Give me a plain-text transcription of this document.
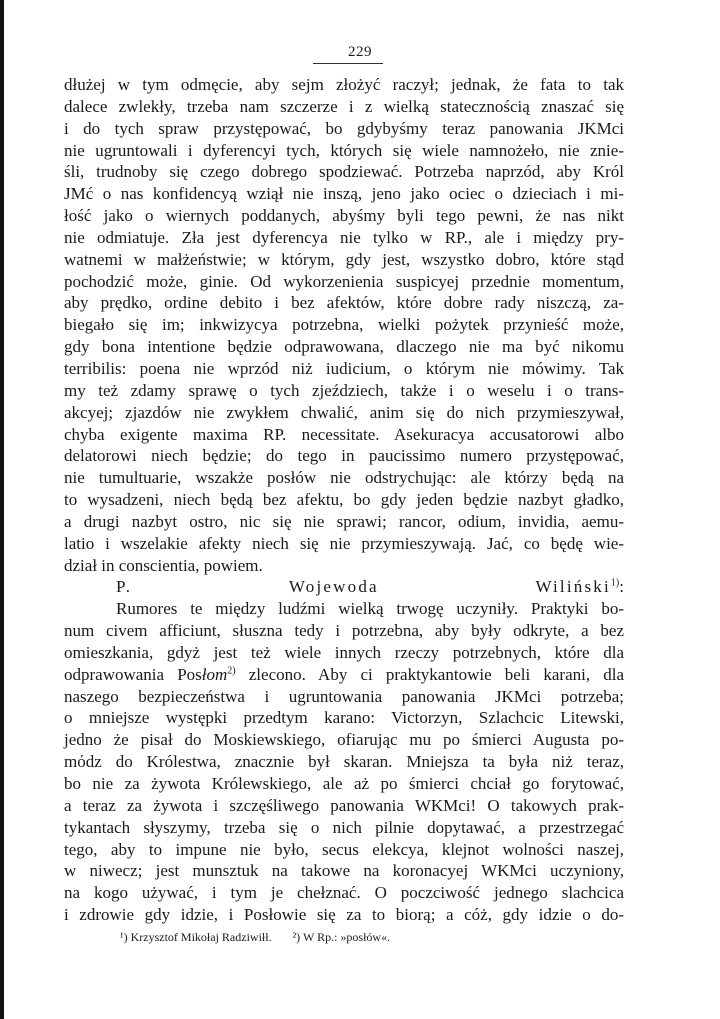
229
dłużej w tym odmęcie, aby sejm złożyć raczył; jednak, że fata to tak
dalece zwlekły, trzeba nam szczerze i z wielką statecznością znaszać się
i do tych spraw przystępować, bo gdybyśmy teraz panowania JKMci
nie ugruntowali i dyferencyi tych, których się wiele namnożeło, nie znie-
śli, trudnoby się czego dobrego spodziewać. Potrzeba naprzód, aby Król
JMć o nas konfidencyą wziął nie inszą, jeno jako ociec o dzieciach i mi-
łość jako o wiernych poddanych, abyśmy byli tego pewni, że nas nikt
nie odmiatuje. Zła jest dyferencya nie tylko w RP., ale i między pry-
watnemi w małżeństwie; w którym, gdy jest, wszystko dobro, które stąd
pochodzić może, ginie. Od wykorzenienia suspicyej przednie momentum,
aby prędko, ordine debito i bez afektów, które dobre rady niszczą, za-
biegało się im; inkwizycya potrzebna, wielki pożytek przynieść może,
gdy bona intentione będzie odprawowana, dlaczego nie ma być nikomu
terribilis: poena nie wprzód niż iudicium, o którym nie mówimy. Tak
my też zdamy sprawę o tych zjeździech, także i o weselu i o trans-
akcyej; zjazdów nie zwykłem chwalić, anim się do nich przymieszywał,
chyba exigente maxima RP. necessitate. Asekuracya accusatorowi albo
delatorowi niech będzie; do tego in paucissimo numero przystępować,
nie tumultuarie, wszakże posłów nie odstrychując: ale którzy będą na
to wysadzeni, niech będą bez afektu, bo gdy jeden będzie nazbyt gładko,
a drugi nazbyt ostro, nic się nie sprawi; rancor, odium, invidia, aemu-
latio i wszelakie afekty niech się nie przymieszywają. Jać, co będę wie-
dział in conscientia, powiem.
P. Wojewoda Wiliński$^{1)}$:
Rumores te między ludźmi wielką trwogę uczyniły. Praktyki bo-
num civem afficiunt, słuszna tedy i potrzebna, aby były odkryte, a bez
omieszkania, gdyż jest też wiele innych rzeczy potrzebnych, które dla
odprawowania Posłom$^{2)}$ zlecono. Aby ci praktykantowie beli karani, dla
naszego bezpieczeństwa i ugruntowania panowania JKMci potrzeba;
o mniejsze występki przedtym karano: Victorzyn, Szlachcic Litewski,
jedno że pisał do Moskiewskiego, ofiarując mu po śmierci Augusta po-
mόdz do Królestwa, znacznie był skaran. Mniejsza ta była niż teraz,
bo nie za żywota Królewskiego, ale aż po śmierci chciał go forytować,
a teraz za żywota i szczęśliwego panowania WKMci! O takowych prak-
tykantach słyszymy, trzeba się o nich pilnie dopytawać, a przestrzegać
tego, aby to impune nie było, secus elekcya, klejnot wolności naszej,
w niwecz; jest munsztuk na takowe na koronacyej WKMci uczyniony,
na kogo używać, i tym je chełznać. O poczciwość jednego slachcica
i zdrowie gdy idzie, i Posłowie się za to biorą; a cóż, gdy idzie o do-
¹) Krzysztof Mikołaj Radziwiłł. ²) W Rp.: »posłów«.
